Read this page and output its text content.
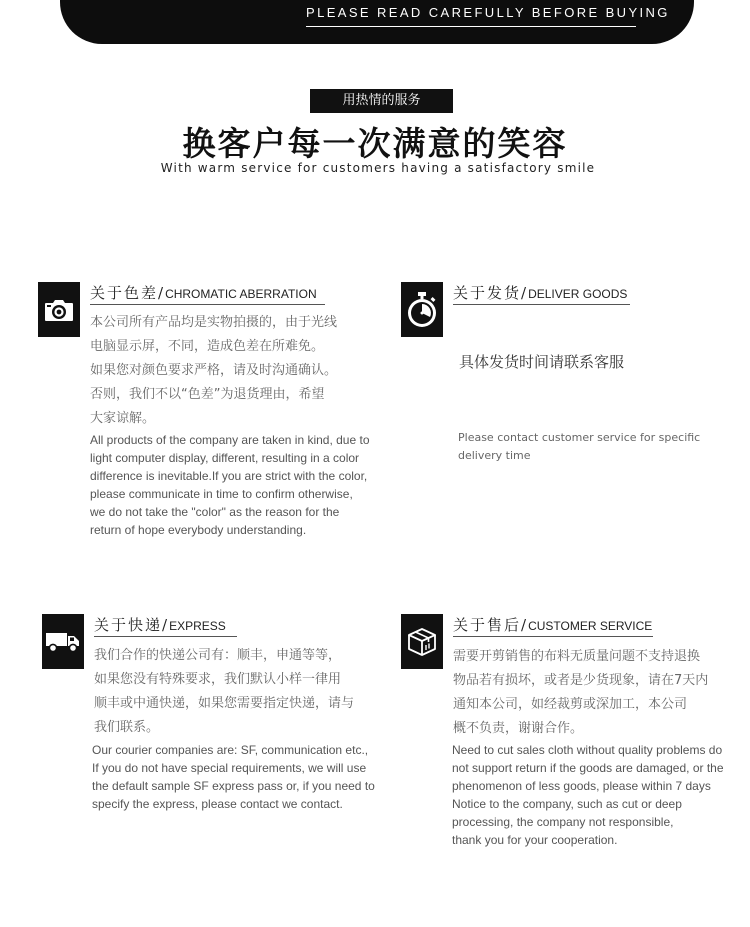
PLEASE READ CAREFULLY BEFORE BUYING
用热情的服务
换客户每一次满意的笑容
With warm service for customers having a satisfactory smile
关于色差/CHROMATIC ABERRATION
本公司所有产品均是实物拍摄的，由于光线
电脑显示屏，不同，造成色差在所难免。
如果您对颜色要求严格，请及时沟通确认。
否则，我们不以“色差”为退货理由，希望
大家谅解。
All products of the company are taken in kind, due to
light computer display, different, resulting in a color
difference is inevitable.If you are strict with the color,
please communicate in time to confirm otherwise,
we do not take the "color" as the reason for the
return of hope everybody understanding.
关于发货/DELIVER GOODS
具体发货时间请联系客服
Please contact customer service for specific
delivery time
关于快递/EXPRESS
我们合作的快递公司有：顺丰，申通等等，
如果您没有特殊要求，我们默认小样一律用
顺丰或中通快递，如果您需要指定快递，请与
我们联系。
Our courier companies are: SF, communication etc.,
If you do not have special requirements, we will use
the default sample SF express pass or, if you need to
specify the express, please contact we contact.
关于售后/CUSTOMER SERVICE
需要开剪销售的布料无质量问题不支持退换
物品若有损坏，或者是少货现象，请在7天内
通知本公司，如经裁剪或深加工，本公司
概不负责，谢谢合作。
Need to cut sales cloth without quality problems do
not support return if the goods are damaged, or the
phenomenon of less goods, please within 7 days
Notice to the company, such as cut or deep
processing, the company not responsible,
thank you for your cooperation.
